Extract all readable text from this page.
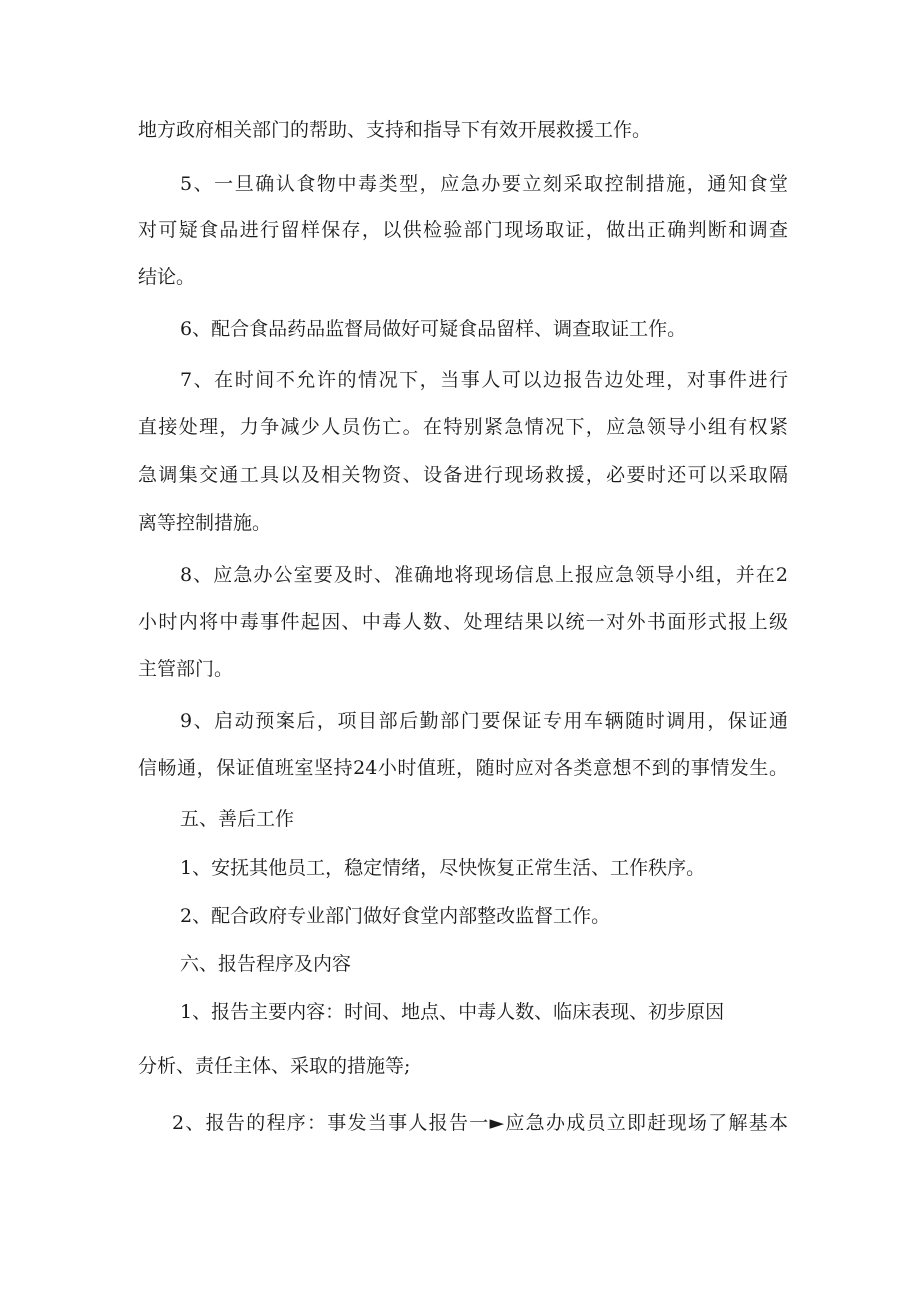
地方政府相关部门的帮助、支持和指导下有效开展救援工作。
5、一旦确认食物中毒类型，应急办要立刻采取控制措施，通知食堂
对可疑食品进行留样保存，以供检验部门现场取证，做出正确判断和调查
结论。
6、配合食品药品监督局做好可疑食品留样、调查取证工作。
7、在时间不允许的情况下，当事人可以边报告边处理，对事件进行
直接处理，力争减少人员伤亡。在特别紧急情况下，应急领导小组有权紧
急调集交通工具以及相关物资、设备进行现场救援，必要时还可以采取隔
离等控制措施。
8、应急办公室要及时、准确地将现场信息上报应急领导小组，并在2
小时内将中毒事件起因、中毒人数、处理结果以统一对外书面形式报上级
主管部门。
9、启动预案后，项目部后勤部门要保证专用车辆随时调用，保证通
信畅通，保证值班室坚持24小时值班，随时应对各类意想不到的事情发生。
五、善后工作
1、安抚其他员工，稳定情绪，尽快恢复正常生活、工作秩序。
2、配合政府专业部门做好食堂内部整改监督工作。
六、报告程序及内容
1、报告主要内容：时间、地点、中毒人数、临床表现、初步原因
分析、责任主体、采取的措施等;
2、报告的程序：事发当事人报告一►应急办成员立即赶现场了解基本
